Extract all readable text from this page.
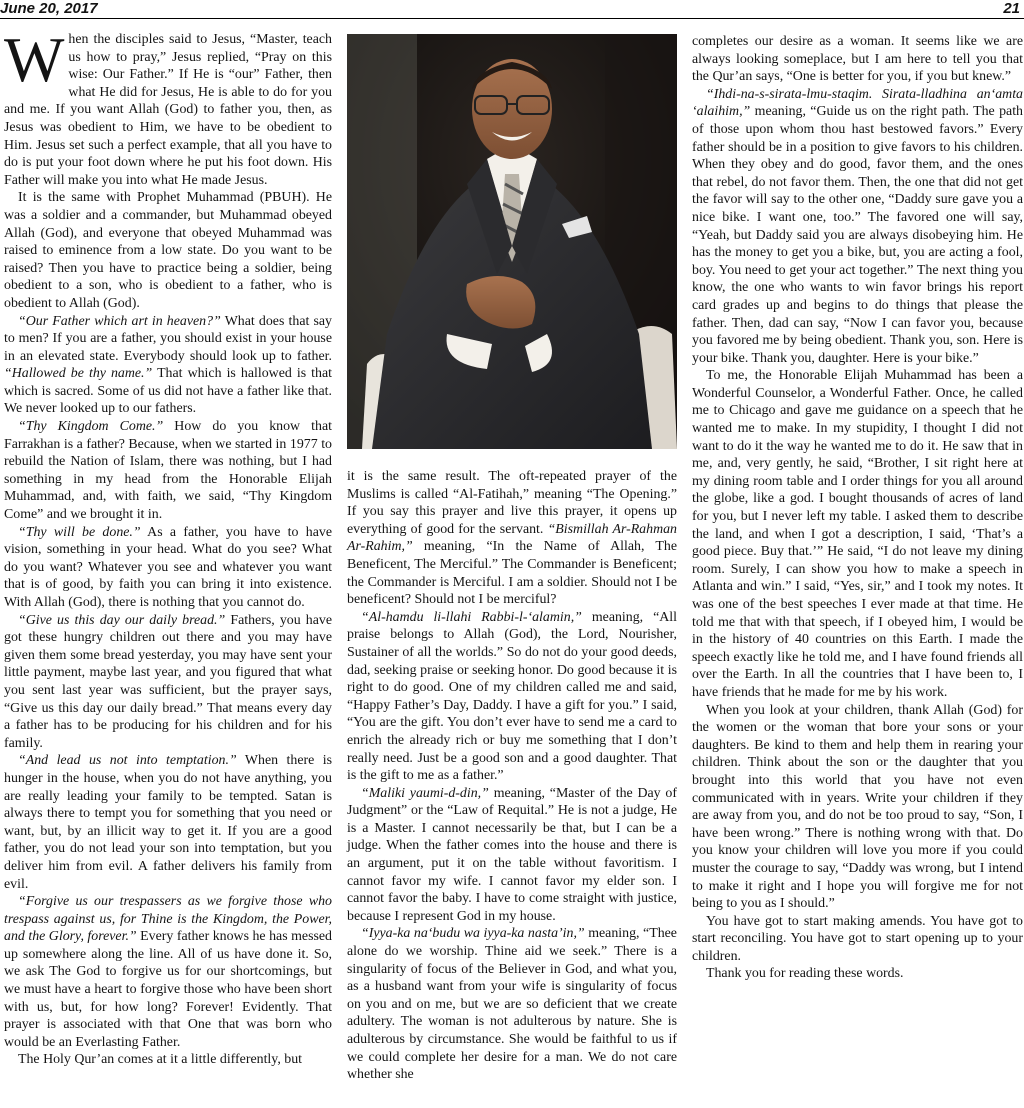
June 20, 2017	21

When the disciples said to Jesus, “Master, teach us how to pray,” Jesus replied, “Pray on this wise: Our Father.” If He is “our” Father, then what He did for Jesus, He is able to do for you and me. If you want Allah (God) to father you, then, as Jesus was obedient to Him, we have to be obedient to Him. Jesus set such a perfect example, that all you have to do is put your foot down where he put his foot down. His Father will make you into what He made Jesus.

It is the same with Prophet Muhammad (PBUH). He was a soldier and a commander, but Muhammad obeyed Allah (God), and everyone that obeyed Muhammad was raised to eminence from a low state. Do you want to be raised? Then you have to practice being a soldier, being obedient to a son, who is obedient to a father, who is obedient to Allah (God).

“Our Father which art in heaven?” What does that say to men? If you are a father, you should exist in your house in an elevated state. Everybody should look up to father. “Hallowed be thy name.” That which is hallowed is that which is sacred. Some of us did not have a father like that. We never looked up to our fathers.

“Thy Kingdom Come.” How do you know that Farrakhan is a father? Because, when we started in 1977 to rebuild the Nation of Islam, there was nothing, but I had something in my head from the Honorable Elijah Muhammad, and, with faith, we said, “Thy Kingdom Come” and we brought it in.

“Thy will be done.” As a father, you have to have vision, something in your head. What do you see? What do you want? Whatever you see and whatever you want that is of good, by faith you can bring it into existence. With Allah (God), there is nothing that you cannot do.

“Give us this day our daily bread.” Fathers, you have got these hungry children out there and you may have given them some bread yesterday, you may have sent your little payment, maybe last year, and you figured that what you sent last year was sufficient, but the prayer says, “Give us this day our daily bread.” That means every day a father has to be producing for his children and for his family.

“And lead us not into temptation.” When there is hunger in the house, when you do not have anything, you are really leading your family to be tempted. Satan is always there to tempt you for something that you need or want, but, by an illicit way to get it. If you are a good father, you do not lead your son into temptation, but you deliver him from evil. A father delivers his family from evil.

“Forgive us our trespassers as we forgive those who trespass against us, for Thine is the Kingdom, the Power, and the Glory, forever.” Every father knows he has messed up somewhere along the line. All of us have done it. So, we ask The God to forgive us for our shortcomings, but we must have a heart to forgive those who have been short with us, but, for how long? Forever! Evidently. That prayer is associated with that One that was born who would be an Everlasting Father.

The Holy Qur’an comes at it a little differently, but

it is the same result. The oft-repeated prayer of the Muslims is called “Al-Fatihah,” meaning “The Opening.” If you say this prayer and live this prayer, it opens up everything of good for the servant. “Bismillah Ar-Rahman Ar-Rahim,” meaning, “In the Name of Allah, The Beneficent, The Merciful.” The Commander is Beneficent; the Commander is Merciful. I am a soldier. Should not I be beneficent? Should not I be merciful?

“Al-hamdu li-llahi Rabbi-l-‘alamin,” meaning, “All praise belongs to Allah (God), the Lord, Nourisher, Sustainer of all the worlds.” So do not do your good deeds, dad, seeking praise or seeking honor. Do good because it is right to do good. One of my children called me and said, “Happy Father’s Day, Daddy. I have a gift for you.” I said, “You are the gift. You don’t ever have to send me a card to enrich the already rich or buy me something that I don’t really need. Just be a good son and a good daughter. That is the gift to me as a father.”

“Maliki yaumi-d-din,” meaning, “Master of the Day of Judgment” or the “Law of Requital.” He is not a judge, He is a Master. I cannot necessarily be that, but I can be a judge. When the father comes into the house and there is an argument, put it on the table without favoritism. I cannot favor my wife. I cannot favor my elder son. I cannot favor the baby. I have to come straight with justice, because I represent God in my house.

“Iyya-ka na‘budu wa iyya-ka nasta’in,” meaning, “Thee alone do we worship. Thine aid we seek.” There is a singularity of focus of the Believer in God, and what you, as a husband want from your wife is singularity of focus on you and on me, but we are so deficient that we create adultery. The woman is not adulterous by nature. She is adulterous by circumstance. She would be faithful to us if we could complete her desire for a man. We do not care whether she

completes our desire as a woman. It seems like we are always looking someplace, but I am here to tell you that the Qur’an says, “One is better for you, if you but knew.”

“Ihdi-na-s-sirata-lmu-staqim. Sirata-lladhina an‘amta ‘alaihim,” meaning, “Guide us on the right path. The path of those upon whom thou hast bestowed favors.” Every father should be in a position to give favors to his children. When they obey and do good, favor them, and the ones that rebel, do not favor them. Then, the one that did not get the favor will say to the other one, “Daddy sure gave you a nice bike. I want one, too.” The favored one will say, “Yeah, but Daddy said you are always disobeying him. He has the money to get you a bike, but, you are acting a fool, boy. You need to get your act together.” The next thing you know, the one who wants to win favor brings his report card grades up and begins to do things that please the father. Then, dad can say, “Now I can favor you, because you favored me by being obedient. Thank you, son. Here is your bike. Thank you, daughter. Here is your bike.”

To me, the Honorable Elijah Muhammad has been a Wonderful Counselor, a Wonderful Father. Once, he called me to Chicago and gave me guidance on a speech that he wanted me to make. In my stupidity, I thought I did not want to do it the way he wanted me to do it. He saw that in me, and, very gently, he said, “Brother, I sit right here at my dining room table and I order things for you all around the globe, like a god. I bought thousands of acres of land for you, but I never left my table. I asked them to describe the land, and when I got a description, I said, ‘That’s a good piece. Buy that.’” He said, “I do not leave my dining room. Surely, I can show you how to make a speech in Atlanta and win.” I said, “Yes, sir,” and I took my notes. It was one of the best speeches I ever made at that time. He told me that with that speech, if I obeyed him, I would be in the history of 40 countries on this Earth. I made the speech exactly like he told me, and I have found friends all over the Earth. In all the countries that I have been to, I have friends that he made for me by his work.

When you look at your children, thank Allah (God) for the women or the woman that bore your sons or your daughters. Be kind to them and help them in rearing your children. Think about the son or the daughter that you brought into this world that you have not even communicated with in years. Write your children if they are away from you, and do not be too proud to say, “Son, I have been wrong.” There is nothing wrong with that. Do you know your children will love you more if you could muster the courage to say, “Daddy was wrong, but I intend to make it right and I hope you will forgive me for not being to you as I should.”

You have got to start making amends. You have got to start reconciling. You have got to start opening up to your children.

Thank you for reading these words.
